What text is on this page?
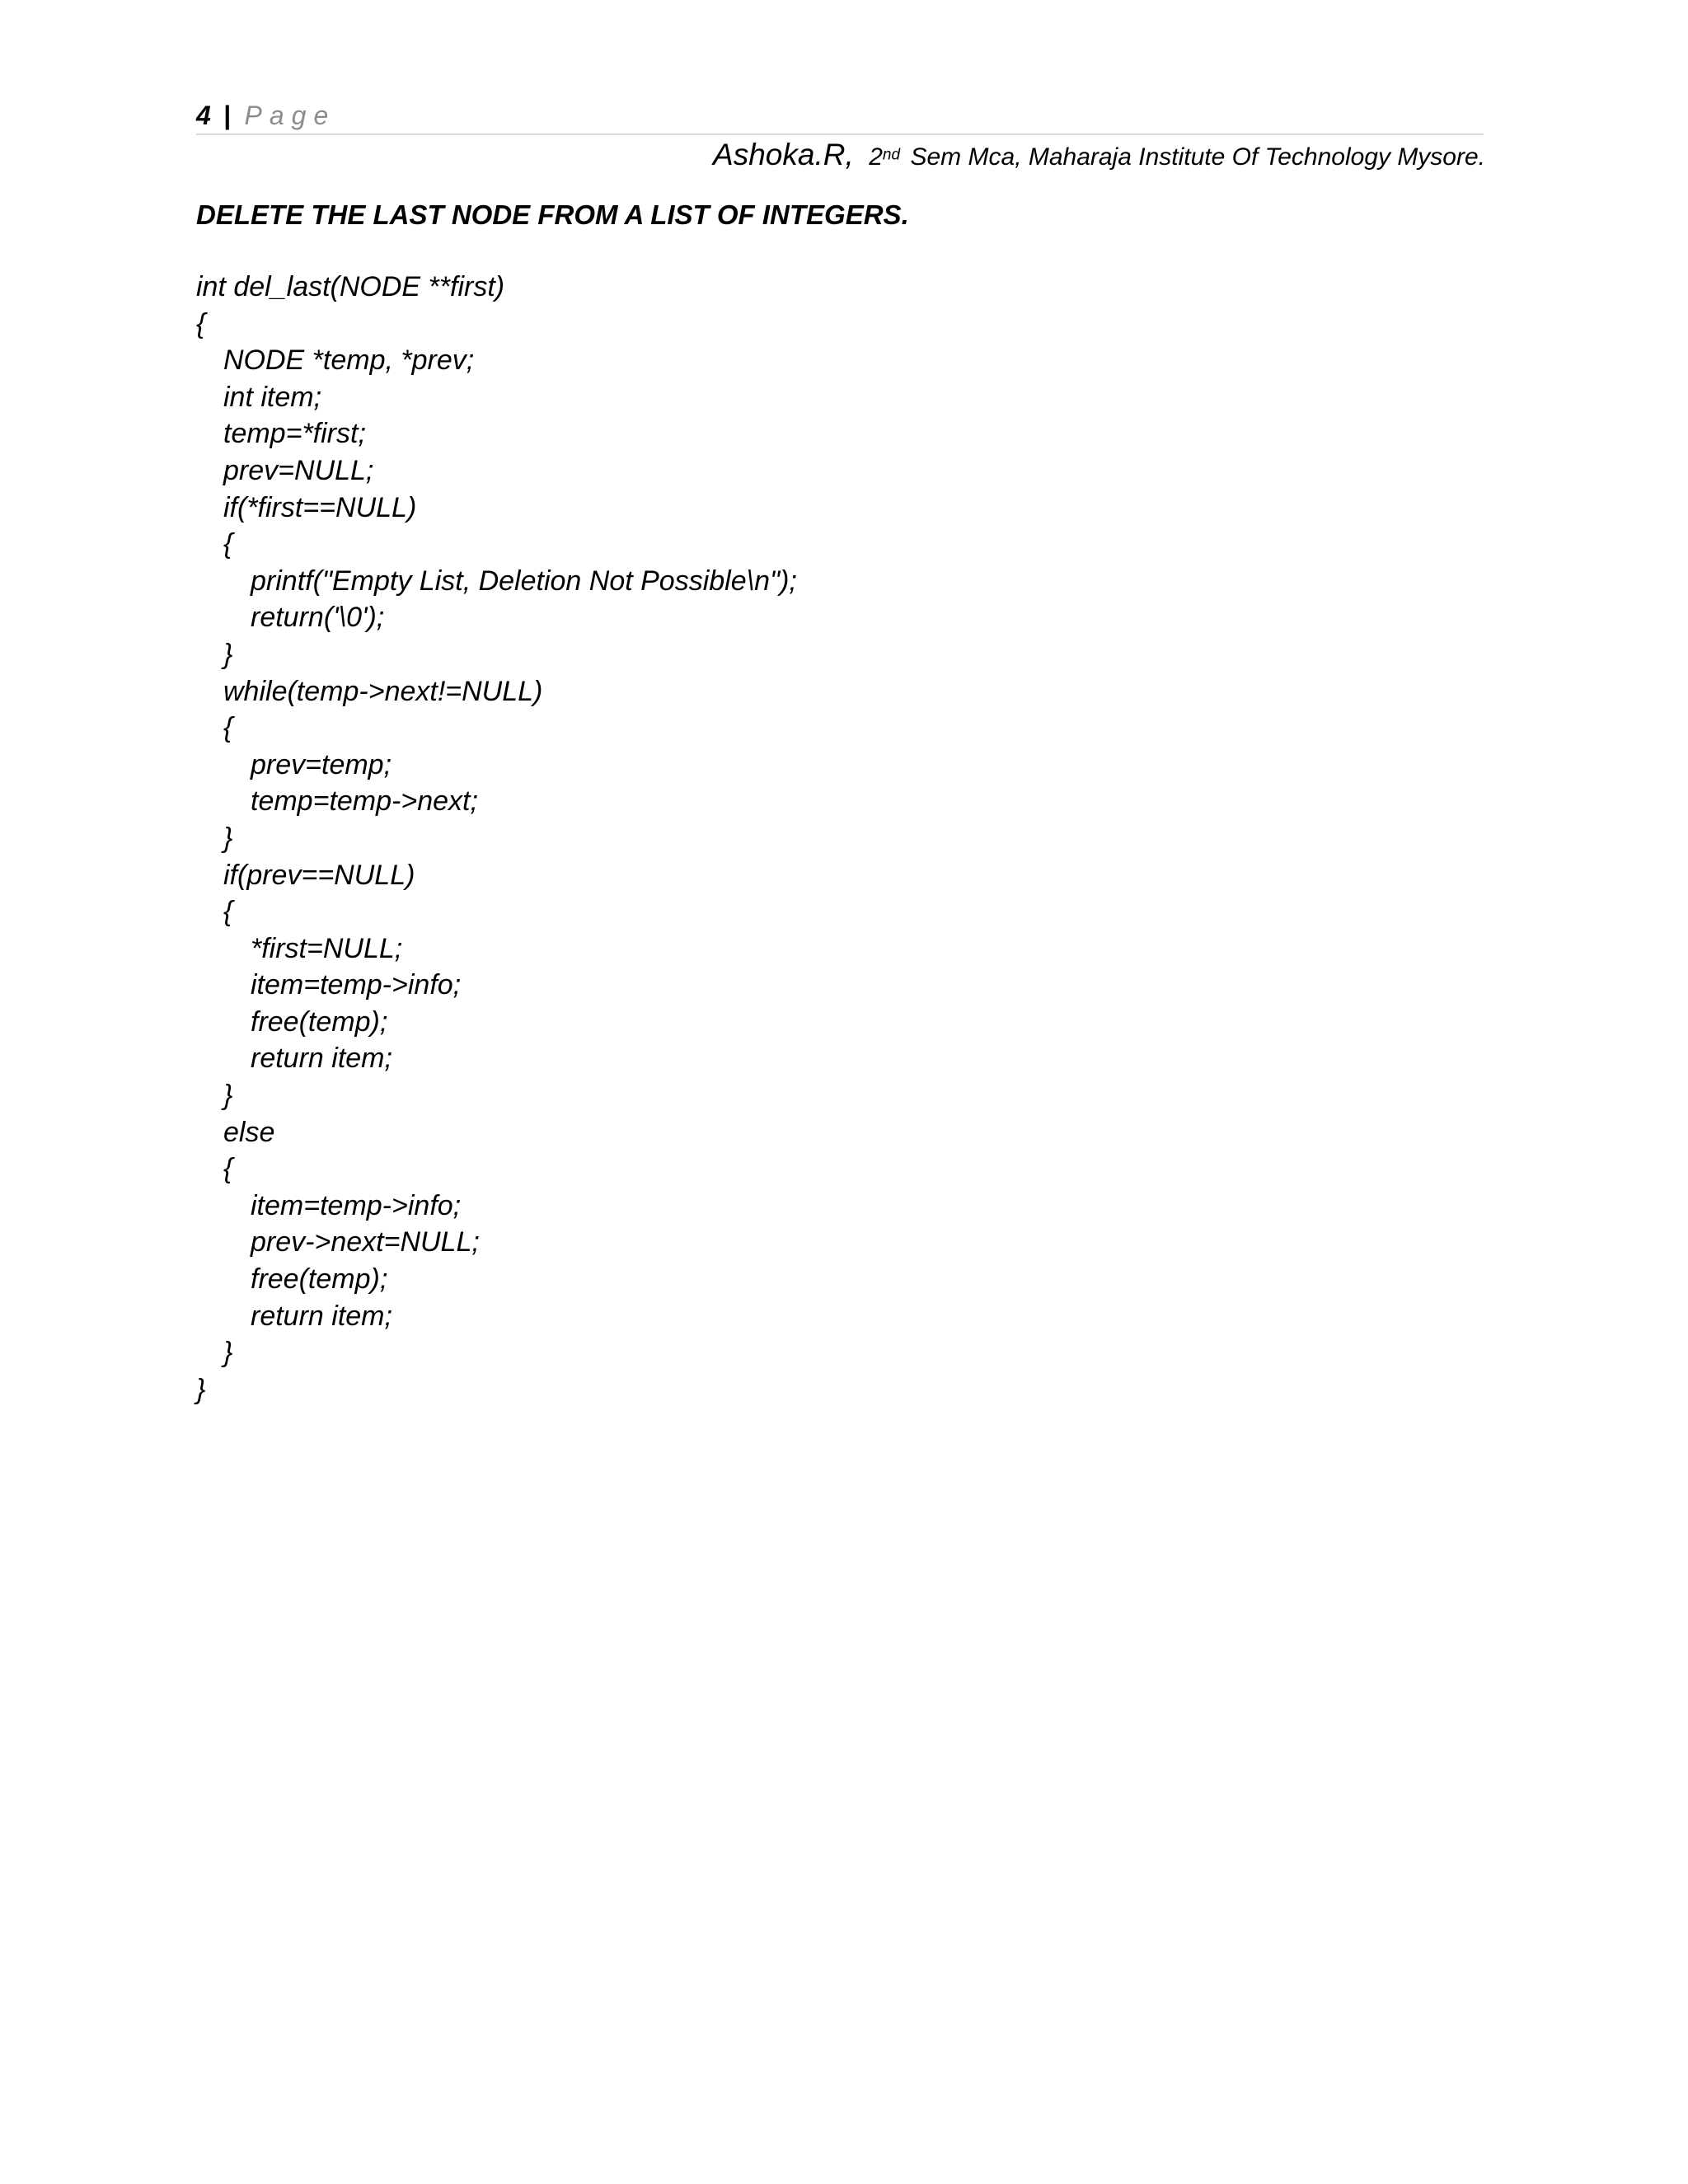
4 | Page
Ashoka.R, 2nd Sem Mca, Maharaja Institute Of Technology Mysore.
DELETE THE LAST NODE FROM A LIST OF INTEGERS.
int del_last(NODE **first)
{
NODE *temp, *prev;
int item;
temp=*first;
prev=NULL;
if(*first==NULL)
{
printf("Empty List, Deletion Not Possible\n");
return('\0');
}
while(temp->next!=NULL)
{
prev=temp;
temp=temp->next;
}
if(prev==NULL)
{
*first=NULL;
item=temp->info;
free(temp);
return item;
}
else
{
item=temp->info;
prev->next=NULL;
free(temp);
return item;
}
}
